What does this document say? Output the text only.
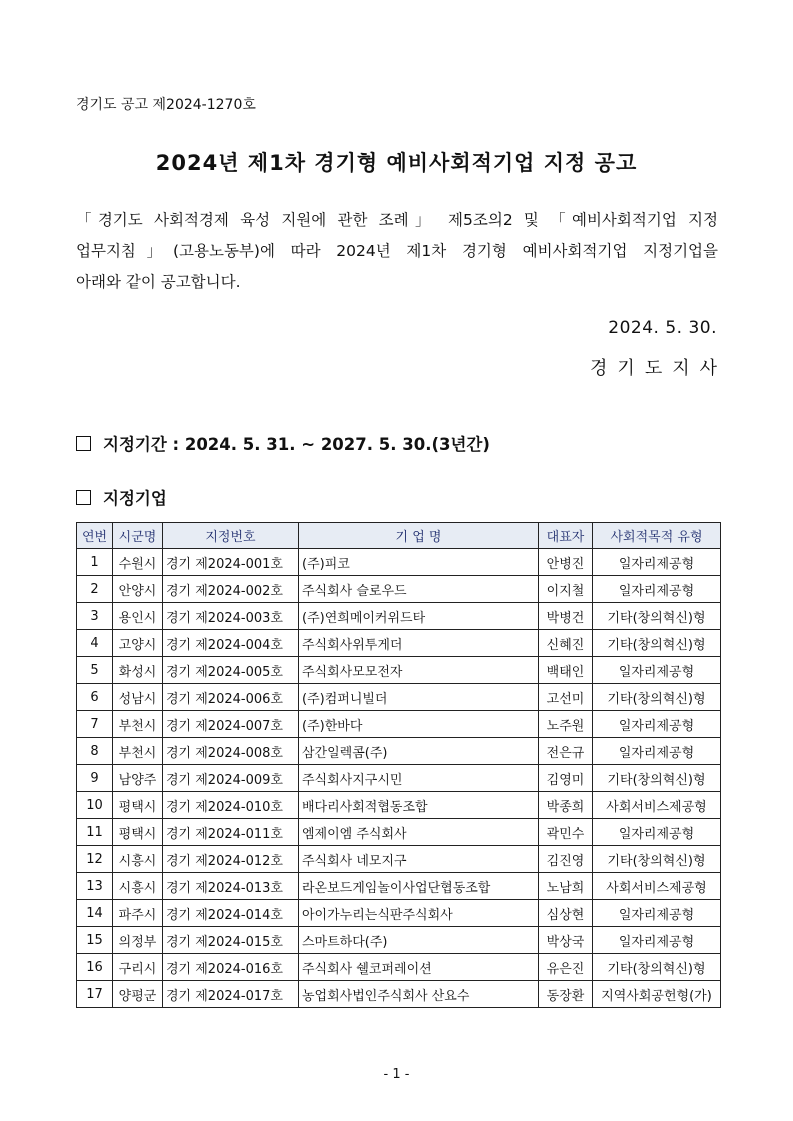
경기도 공고 제2024-1270호
2024년 제1차 경기형 예비사회적기업 지정 공고
「경기도 사회적경제 육성 지원에 관한 조례」 제5조의2 및 「예비사회적기업 지정
업무지침」(고용노동부)에 따라 2024년 제1차 경기형 예비사회적기업 지정기업을
아래와 같이 공고합니다.
2024. 5. 30.
경기도지사
지정기간 : 2024. 5. 31. ~ 2027. 5. 30.(3년간)
지정기업
연번	시군명	지정번호	기 업 명	대표자	사회적목적 유형
1	수원시	경기 제2024-001호	(주)피코	안병진	일자리제공형
2	안양시	경기 제2024-002호	주식회사 슬로우드	이지철	일자리제공형
3	용인시	경기 제2024-003호	(주)연희메이커위드타	박병건	기타(창의혁신)형
4	고양시	경기 제2024-004호	주식회사위투게더	신혜진	기타(창의혁신)형
5	화성시	경기 제2024-005호	주식회사모모전자	백태인	일자리제공형
6	성남시	경기 제2024-006호	(주)컴퍼니빌더	고선미	기타(창의혁신)형
7	부천시	경기 제2024-007호	(주)한바다	노주원	일자리제공형
8	부천시	경기 제2024-008호	삼간일렉콤(주)	전은규	일자리제공형
9	남양주	경기 제2024-009호	주식회사지구시민	김영미	기타(창의혁신)형
10	평택시	경기 제2024-010호	배다리사회적협동조합	박종희	사회서비스제공형
11	평택시	경기 제2024-011호	엠제이엠 주식회사	곽민수	일자리제공형
12	시흥시	경기 제2024-012호	주식회사 네모지구	김진영	기타(창의혁신)형
13	시흥시	경기 제2024-013호	라온보드게임놀이사업단협동조합	노남희	사회서비스제공형
14	파주시	경기 제2024-014호	아이가누리는식판주식회사	심상현	일자리제공형
15	의정부	경기 제2024-015호	스마트하다(주)	박상국	일자리제공형
16	구리시	경기 제2024-016호	주식회사 쉘코퍼레이션	유은진	기타(창의혁신)형
17	양평군	경기 제2024-017호	농업회사법인주식회사 산요수	동장환	지역사회공헌형(가)
- 1 -
